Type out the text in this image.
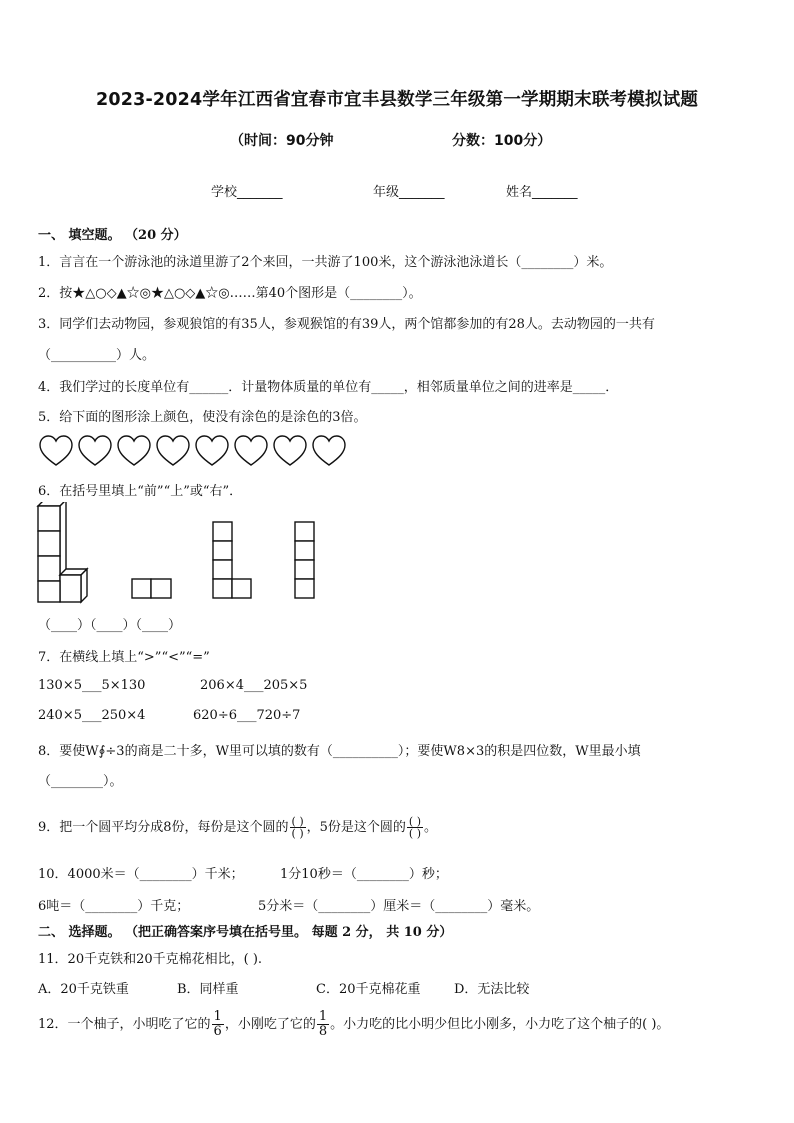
2023-2024学年江西省宜春市宜丰县数学三年级第一学期期末联考模拟试题
（时间：90分钟	分数：100分）
学校_______	年级_______	姓名_______
一、 填空题。 （20 分）
1．言言在一个游泳池的泳道里游了2个来回，一共游了100米，这个游泳池泳道长（________）米。
2．按★△○◇▲☆◎★△○◇▲☆◎……第40个图形是（________）。
3．同学们去动物园，参观狼馆的有35人，参观猴馆的有39人，两个馆都参加的有28人。去动物园的一共有
（__________）人。
4．我们学过的长度单位有______．计量物体质量的单位有_____，相邻质量单位之间的进率是_____．
5．给下面的图形涂上颜色，使没有涂色的是涂色的3倍。
6．在括号里填上“前”“上”或“右”．
（____）（____）（____）
7．在横线上填上“>”“<”“=”
130×5___5×130	206×4___205×5
240×5___250×4	620÷6___720÷7
8．要使W∮÷3的商是二十多，W里可以填的数有（__________）；要使W8×3的积是四位数，W里最小填
（________）。
9．把一个圆平均分成8份，每份是这个圆的 $\frac{( )}{( )}$ ，5份是这个圆的 $\frac{( )}{( )}$ 。
10．4000米＝（________）千米；	1分10秒＝（________）秒；
6吨＝（________）千克；	5分米＝（________）厘米＝（________）毫米。
二、 选择题。 （把正确答案序号填在括号里。 每题 2 分， 共 10 分）
11．20千克铁和20千克棉花相比，( ).
A．20千克铁重	B．同样重	C．20千克棉花重	D．无法比较
12．一个柚子，小明吃了它的 $\frac{1}{6}$ ，小刚吃了它的 $\frac{1}{8}$ 。小力吃的比小明少但比小刚多，小力吃了这个柚子的( )。
